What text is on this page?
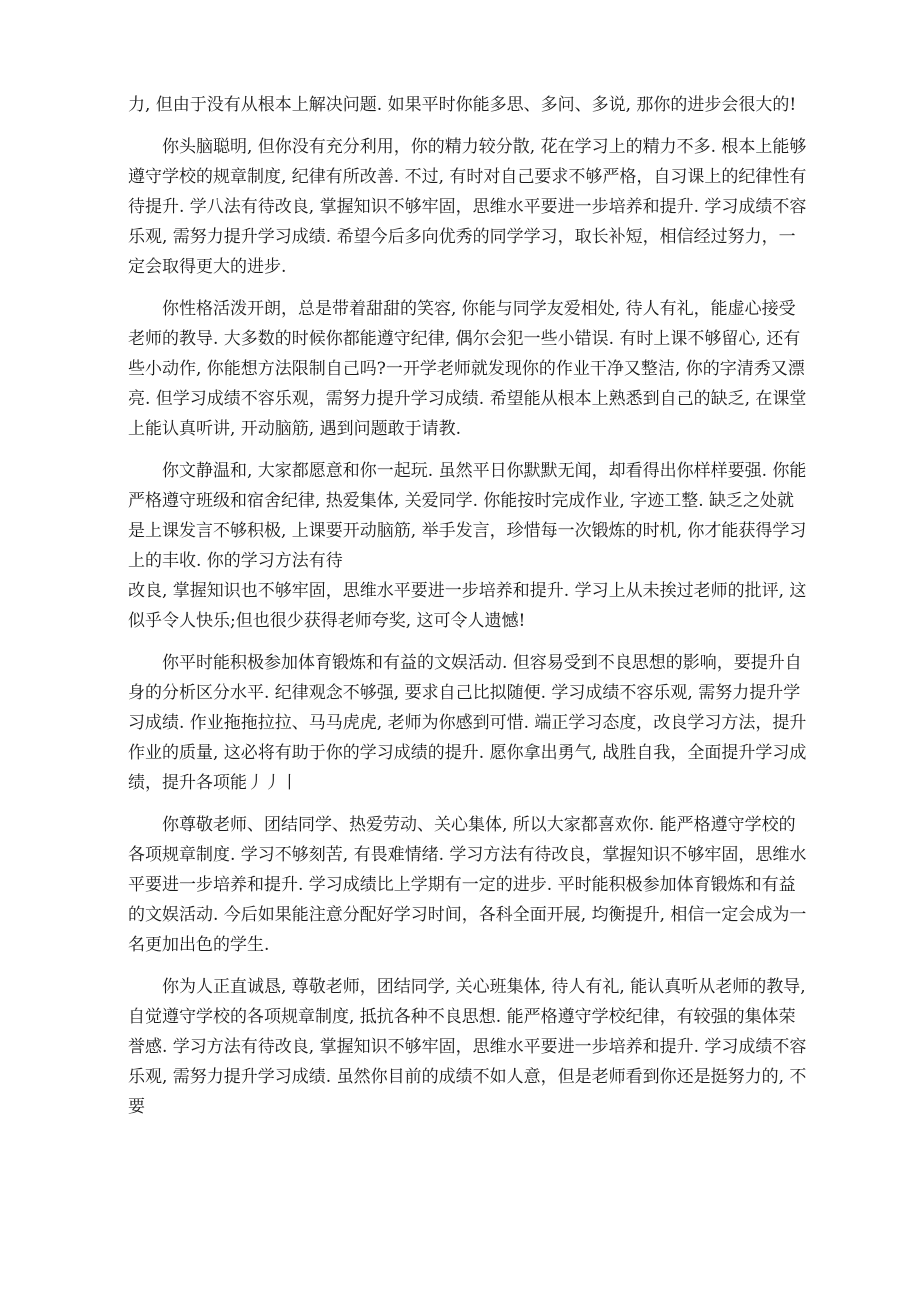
力, 但由于没有从根本上解决问题. 如果平时你能多思、多问、多说, 那你的进步会很大的!

你头脑聪明, 但你没有充分利用，你的精力较分散, 花在学习上的精力不多. 根本上能够遵守学校的规章制度, 纪律有所改善. 不过, 有时对自己要求不够严格，自习课上的纪律性有待提升. 学八法有待改良, 掌握知识不够牢固，思维水平要进一步培养和提升. 学习成绩不容乐观, 需努力提升学习成绩. 希望今后多向优秀的同学学习，取长补短，相信经过努力，一定会取得更大的进步.

你性格活泼开朗，总是带着甜甜的笑容, 你能与同学友爱相处, 待人有礼，能虚心接受老师的教导. 大多数的时候你都能遵守纪律, 偶尔会犯一些小错误. 有时上课不够留心, 还有些小动作, 你能想方法限制自己吗?一开学老师就发现你的作业干净又整洁, 你的字清秀又漂亮. 但学习成绩不容乐观，需努力提升学习成绩. 希望能从根本上熟悉到自己的缺乏, 在课堂上能认真听讲, 开动脑筋, 遇到问题敢于请教.

你文静温和, 大家都愿意和你一起玩. 虽然平日你默默无闻，却看得出你样样要强. 你能严格遵守班级和宿舍纪律, 热爱集体, 关爱同学. 你能按时完成作业, 字迹工整. 缺乏之处就是上课发言不够积极, 上课要开动脑筋, 举手发言，珍惜每一次锻炼的时机, 你才能获得学习上的丰收. 你的学习方法有待

改良, 掌握知识也不够牢固，思维水平要进一步培养和提升. 学习上从未挨过老师的批评, 这似乎令人快乐;但也很少获得老师夸奖, 这可令人遗憾!

你平时能积极参加体育锻炼和有益的文娱活动. 但容易受到不良思想的影响，要提升自身的分析区分水平. 纪律观念不够强, 要求自己比拟随便. 学习成绩不容乐观, 需努力提升学习成绩. 作业拖拖拉拉、马马虎虎, 老师为你感到可惜. 端正学习态度，改良学习方法，提升作业的质量, 这必将有助于你的学习成绩的提升. 愿你拿出勇气, 战胜自我，全面提升学习成绩，提升各项能丿丿丨

你尊敬老师、团结同学、热爱劳动、关心集体, 所以大家都喜欢你. 能严格遵守学校的各项规章制度. 学习不够刻苦, 有畏难情绪. 学习方法有待改良，掌握知识不够牢固，思维水平要进一步培养和提升. 学习成绩比上学期有一定的进步. 平时能积极参加体育锻炼和有益的文娱活动. 今后如果能注意分配好学习时间，各科全面开展, 均衡提升, 相信一定会成为一名更加出色的学生.

你为人正直诚恳, 尊敬老师，团结同学, 关心班集体, 待人有礼, 能认真听从老师的教导, 自觉遵守学校的各项规章制度, 抵抗各种不良思想. 能严格遵守学校纪律，有较强的集体荣誉感. 学习方法有待改良, 掌握知识不够牢固，思维水平要进一步培养和提升. 学习成绩不容乐观, 需努力提升学习成绩. 虽然你目前的成绩不如人意，但是老师看到你还是挺努力的, 不要
